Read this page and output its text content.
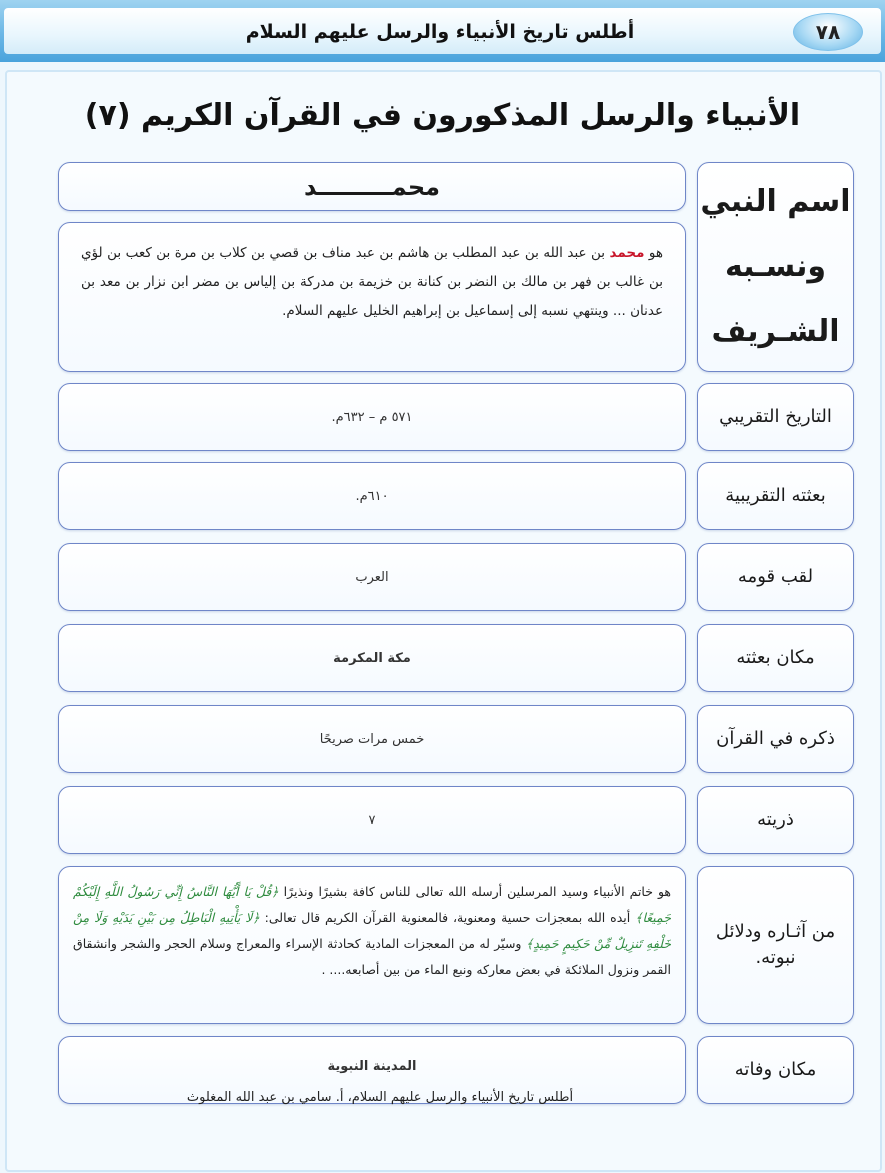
أطلس تاريخ الأنبياء والرسل عليهم السلام	٧٨
الأنبياء والرسل المذكورون في القرآن الكريم (٧)
اسم النبي
ونسـبه
الشـريف
محمـــــــــد
هو محمد بن عبد الله بن عبد المطلب بن هاشم بن عبد مناف بن قصي بن كلاب بن مرة بن كعب بن لؤي بن غالب بن فهر بن مالك بن النضر بن كنانة بن خزيمة بن مدركة بن إلياس بن مضر ابن نزار بن معد بن عدنان ... وينتهي نسبه إلى إسماعيل بن إبراهيم الخليل عليهم السلام.
التاريخ التقريبي
٥٧١ م – ٦٣٢م.
بعثته التقريبية
٦١٠م.
لقب قومه
العرب
مكان بعثته
مكة المكرمة
ذكره في القرآن
خمس مرات صريحًا
ذريته
٧
من آثـاره ودلائل نبوته.
هو خاتم الأنبياء وسيد المرسلين أرسله الله تعالى للناس كافة بشيرًا ونذيرًا ﴿قُلْ يَا أَيُّهَا النَّاسُ إِنِّي رَسُولُ اللَّهِ إِلَيْكُمْ جَمِيعًا﴾ أيده الله بمعجزات حسية ومعنوية، فالمعنوية القرآن الكريم قال تعالى: ﴿لَا يَأْتِيهِ الْبَاطِلُ مِن بَيْنِ يَدَيْهِ وَلَا مِنْ خَلْفِهِ تَنزِيلٌ مِّنْ حَكِيمٍ حَمِيدٍ﴾ وسيّر له من المعجزات المادية كحادثة الإسراء والمعراج وسلام الحجر والشجر وانشقاق القمر ونزول الملائكة في بعض معاركه ونبع الماء من بين أصابعه.... .
مكان وفاته
المدينة النبوية
أطلس تاريخ الأنبياء والرسل عليهم السلام، أ. سامي بن عبد الله المغلوث
